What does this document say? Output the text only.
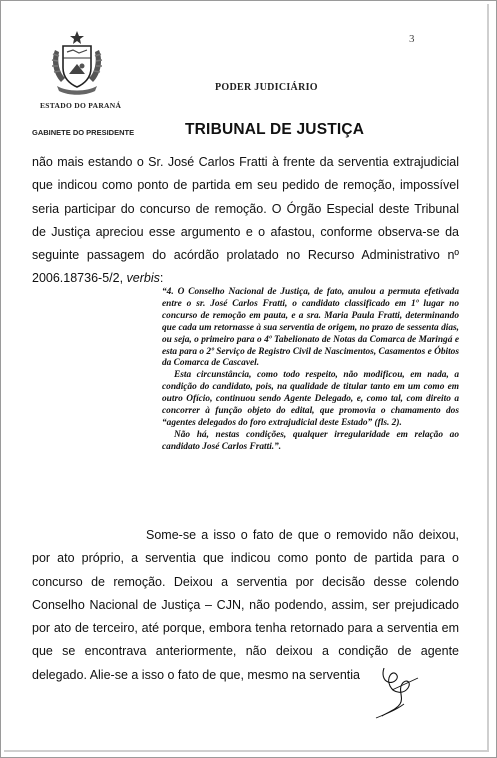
ESTADO DO PARANÁ
GABINETE DO PRESIDENTE
3
PODER JUDICIÁRIO
TRIBUNAL DE JUSTIÇA
não mais estando o Sr. José Carlos Fratti à frente da serventia extrajudicial que indicou como ponto de partida em seu pedido de remoção, impossível seria participar do concurso de remoção. O Órgão Especial deste Tribunal de Justiça apreciou esse argumento e o afastou, conforme observa-se da seguinte passagem do acórdão prolatado no Recurso Administrativo nº 2006.18736-5/2, verbis:

“4. O Conselho Nacional de Justiça, de fato, anulou a permuta efetivada entre o sr. José Carlos Fratti, o candidato classificado em 1º lugar no concurso de remoção em pauta, e a sra. Maria Paula Fratti, determinando que cada um retornasse à sua serventia de origem, no prazo de sessenta dias, ou seja, o primeiro para o 4º Tabelionato de Notas da Comarca de Maringá e esta para o 2º Serviço de Registro Civil de Nascimentos, Casamentos e Óbitos da Comarca de Cascavel.

Esta circunstância, como todo respeito, não modificou, em nada, a condição do candidato, pois, na qualidade de titular tanto em um como em outro Ofício, continuou sendo Agente Delegado, e, como tal, com direito a concorrer à função objeto do edital, que promovia o chamamento dos “agentes delegados do foro extrajudicial deste Estado” (fls. 2).

Não há, nestas condições, qualquer irregularidade em relação ao candidato José Carlos Fratti.”.

Some-se a isso o fato de que o removido não deixou, por ato próprio, a serventia que indicou como ponto de partida para o concurso de remoção. Deixou a serventia por decisão desse colendo Conselho Nacional de Justiça – CJN, não podendo, assim, ser prejudicado por ato de terceiro, até porque, embora tenha retornado para a serventia em que se encontrava anteriormente, não deixou a condição de agente delegado. Alie-se a isso o fato de que, mesmo na serventia
